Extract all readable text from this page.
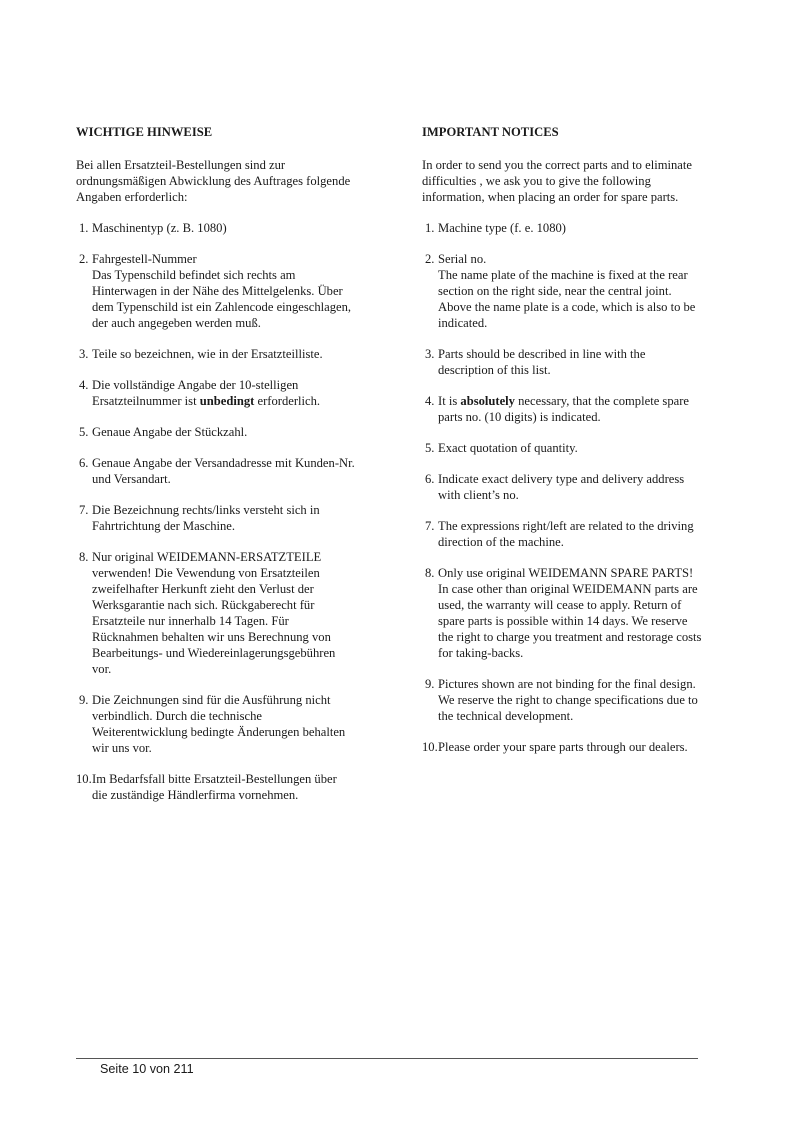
WICHTIGE HINWEISE
Bei allen Ersatzteil-Bestellungen sind zur
ordnungsmäßigen Abwicklung des Auftrages folgende
Angaben erforderlich:
1. Maschinentyp (z. B. 1080)
2. Fahrgestell-Nummer
Das Typenschild befindet sich rechts am
Hinterwagen in der Nähe des Mittelgelenks. Über
dem Typenschild ist ein Zahlencode eingeschlagen,
der auch angegeben werden muß.
3. Teile so bezeichnen, wie in der Ersatzteilliste.
4. Die vollständige Angabe der 10-stelligen
Ersatzteilnummer ist unbedingt erforderlich.
5. Genaue Angabe der Stückzahl.
6. Genaue Angabe der Versandadresse mit Kunden-Nr.
und Versandart.
7. Die Bezeichnung rechts/links versteht sich in
Fahrtrichtung der Maschine.
8. Nur original WEIDEMANN-ERSATZTEILE
verwenden! Die Vewendung von Ersatzteilen
zweifelhafter Herkunft zieht den Verlust der
Werksgarantie nach sich. Rückgaberecht für
Ersatzteile nur innerhalb 14 Tagen. Für
Rücknahmen behalten wir uns Berechnung von
Bearbeitungs- und Wiedereinlagerungsgebühren
vor.
9. Die Zeichnungen sind für die Ausführung nicht
verbindlich. Durch die technische
Weiterentwicklung bedingte Änderungen behalten
wir uns vor.
10.Im Bedarfsfall bitte Ersatzteil-Bestellungen über
die zuständige Händlerfirma vornehmen.
IMPORTANT NOTICES
In order to send you the correct parts and to eliminate
difficulties , we ask you to give the following
information, when placing an order for spare parts.
1. Machine type (f. e. 1080)
2. Serial no.
The name plate of the machine is fixed at the rear
section on the right side, near the central joint.
Above the name plate is a code, which is also to be
indicated.
3. Parts should be described in line with the
description of this list.
4. It is absolutely necessary, that the complete spare
parts no. (10 digits) is indicated.
5. Exact quotation of quantity.
6. Indicate exact delivery type and delivery address
with client’s no.
7. The expressions right/left are related to the driving
direction of the machine.
8. Only use original WEIDEMANN SPARE PARTS!
In case other than original WEIDEMANN parts are
used, the warranty will cease to apply. Return of
spare parts is possible within 14 days. We reserve
the right to charge you treatment and restorage costs
for taking-backs.
9. Pictures shown are not binding for the final design.
We reserve the right to change specifications due to
the technical development.
10.Please order your spare parts through our dealers.
Seite 10 von 211
